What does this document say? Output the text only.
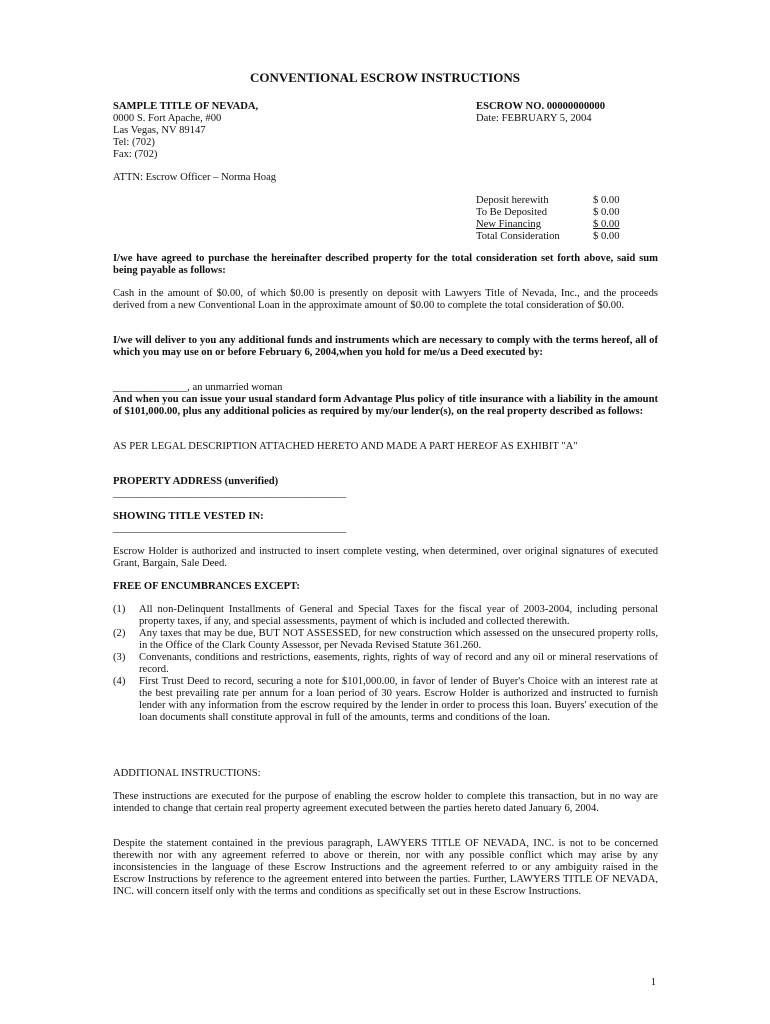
CONVENTIONAL ESCROW INSTRUCTIONS
SAMPLE TITLE OF NEVADA,
0000 S. Fort Apache, #00
Las Vegas, NV 89147
Tel: (702)
Fax: (702)
ESCROW NO. 00000000000
Date: FEBRUARY 5, 2004
ATTN: Escrow Officer – Norma Hoag
Deposit herewith	$ 0.00
To Be Deposited	$ 0.00
New Financing	$ 0.00
Total Consideration	$ 0.00
I/we have agreed to purchase the hereinafter described property for the total consideration set forth above, said sum being payable as follows:
Cash in the amount of $0.00, of which $0.00 is presently on deposit with Lawyers Title of Nevada, Inc., and the proceeds derived from a new Conventional Loan in the approximate amount of $0.00 to complete the total consideration of $0.00.
I/we will deliver to you any additional funds and instruments which are necessary to comply with the terms hereof, all of which you may use on or before February 6, 2004,when you hold for me/us a Deed executed by:
______________, an unmarried woman
And when you can issue your usual standard form Advantage Plus policy of title insurance with a liability in the amount of $101,000.00, plus any additional policies as required by my/our lender(s), on the real property described as follows:
AS PER LEGAL DESCRIPTION ATTACHED HERETO AND MADE A PART HEREOF AS EXHIBIT "A"
PROPERTY ADDRESS (unverified)
____________________________________________
SHOWING TITLE VESTED IN:
____________________________________________
Escrow Holder is authorized and instructed to insert complete vesting, when determined, over original signatures of executed Grant, Bargain, Sale Deed.
FREE OF ENCUMBRANCES EXCEPT:
(1)	All non-Delinquent Installments of General and Special Taxes for the fiscal year of 2003-2004, including personal property taxes, if any, and special assessments, payment of which is included and collected therewith.
(2)	Any taxes that may be due, BUT NOT ASSESSED, for new construction which assessed on the unsecured property rolls, in the Office of the Clark County Assessor, per Nevada Revised Statute 361.260.
(3)	Convenants, conditions and restrictions, easements, rights, rights of way of record and any oil or mineral reservations of record.
(4)	First Trust Deed to record, securing a note for $101,000.00, in favor of lender of Buyer's Choice with an interest rate at the best prevailing rate per annum for a loan period of 30 years. Escrow Holder is authorized and instructed to furnish lender with any information from the escrow required by the lender in order to process this loan. Buyers' execution of the loan documents shall constitute approval in full of the amounts, terms and conditions of the loan.
ADDITIONAL INSTRUCTIONS:
These instructions are executed for the purpose of enabling the escrow holder to complete this transaction, but in no way are intended to change that certain real property agreement executed between the parties hereto dated January 6, 2004.
Despite the statement contained in the previous paragraph, LAWYERS TITLE OF NEVADA, INC. is not to be concerned therewith nor with any agreement referred to above or therein, nor with any possible conflict which may arise by any inconsistencies in the language of these Escrow Instructions and the agreement referred to or any ambiguity raised in the Escrow Instructions by reference to the agreement entered into between the parties. Further, LAWYERS TITLE OF NEVADA, INC. will concern itself only with the terms and conditions as specifically set out in these Escrow Instructions.
1
